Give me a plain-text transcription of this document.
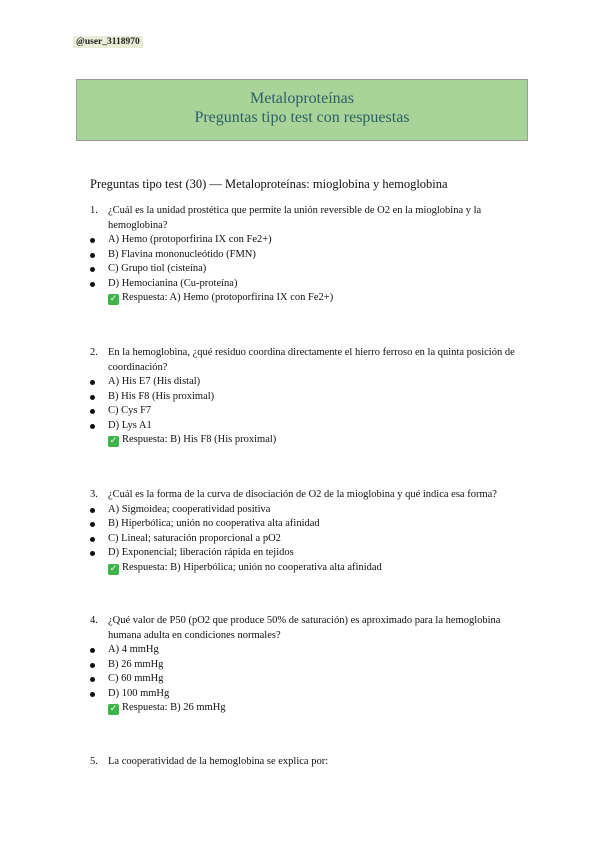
@user_3118970
Metaloproteínas
Preguntas tipo test con respuestas
Preguntas tipo test (30) — Metaloproteínas: mioglobina y hemoglobina
1. ¿Cuál es la unidad prostética que permite la unión reversible de O2 en la mioglobina y la hemoglobina?
A) Hemo (protoporfirina IX con Fe2+)
B) Flavina mononucleótido (FMN)
C) Grupo tiol (cisteína)
D) Hemocianina (Cu-proteína)
✓ Respuesta: A) Hemo (protoporfirina IX con Fe2+)
2. En la hemoglobina, ¿qué residuo coordina directamente el hierro ferroso en la quinta posición de coordinación?
A) His E7 (His distal)
B) His F8 (His proximal)
C) Cys F7
D) Lys A1
✓ Respuesta: B) His F8 (His proximal)
3. ¿Cuál es la forma de la curva de disociación de O2 de la mioglobina y qué indica esa forma?
A) Sigmoidea; cooperatividad positiva
B) Hiperbólica; unión no cooperativa alta afinidad
C) Lineal; saturación proporcional a pO2
D) Exponencial; liberación rápida en tejidos
✓ Respuesta: B) Hiperbólica; unión no cooperativa alta afinidad
4. ¿Qué valor de P50 (pO2 que produce 50% de saturación) es aproximado para la hemoglobina humana adulta en condiciones normales?
A) 4 mmHg
B) 26 mmHg
C) 60 mmHg
D) 100 mmHg
✓ Respuesta: B) 26 mmHg
5. La cooperatividad de la hemoglobina se explica por:
